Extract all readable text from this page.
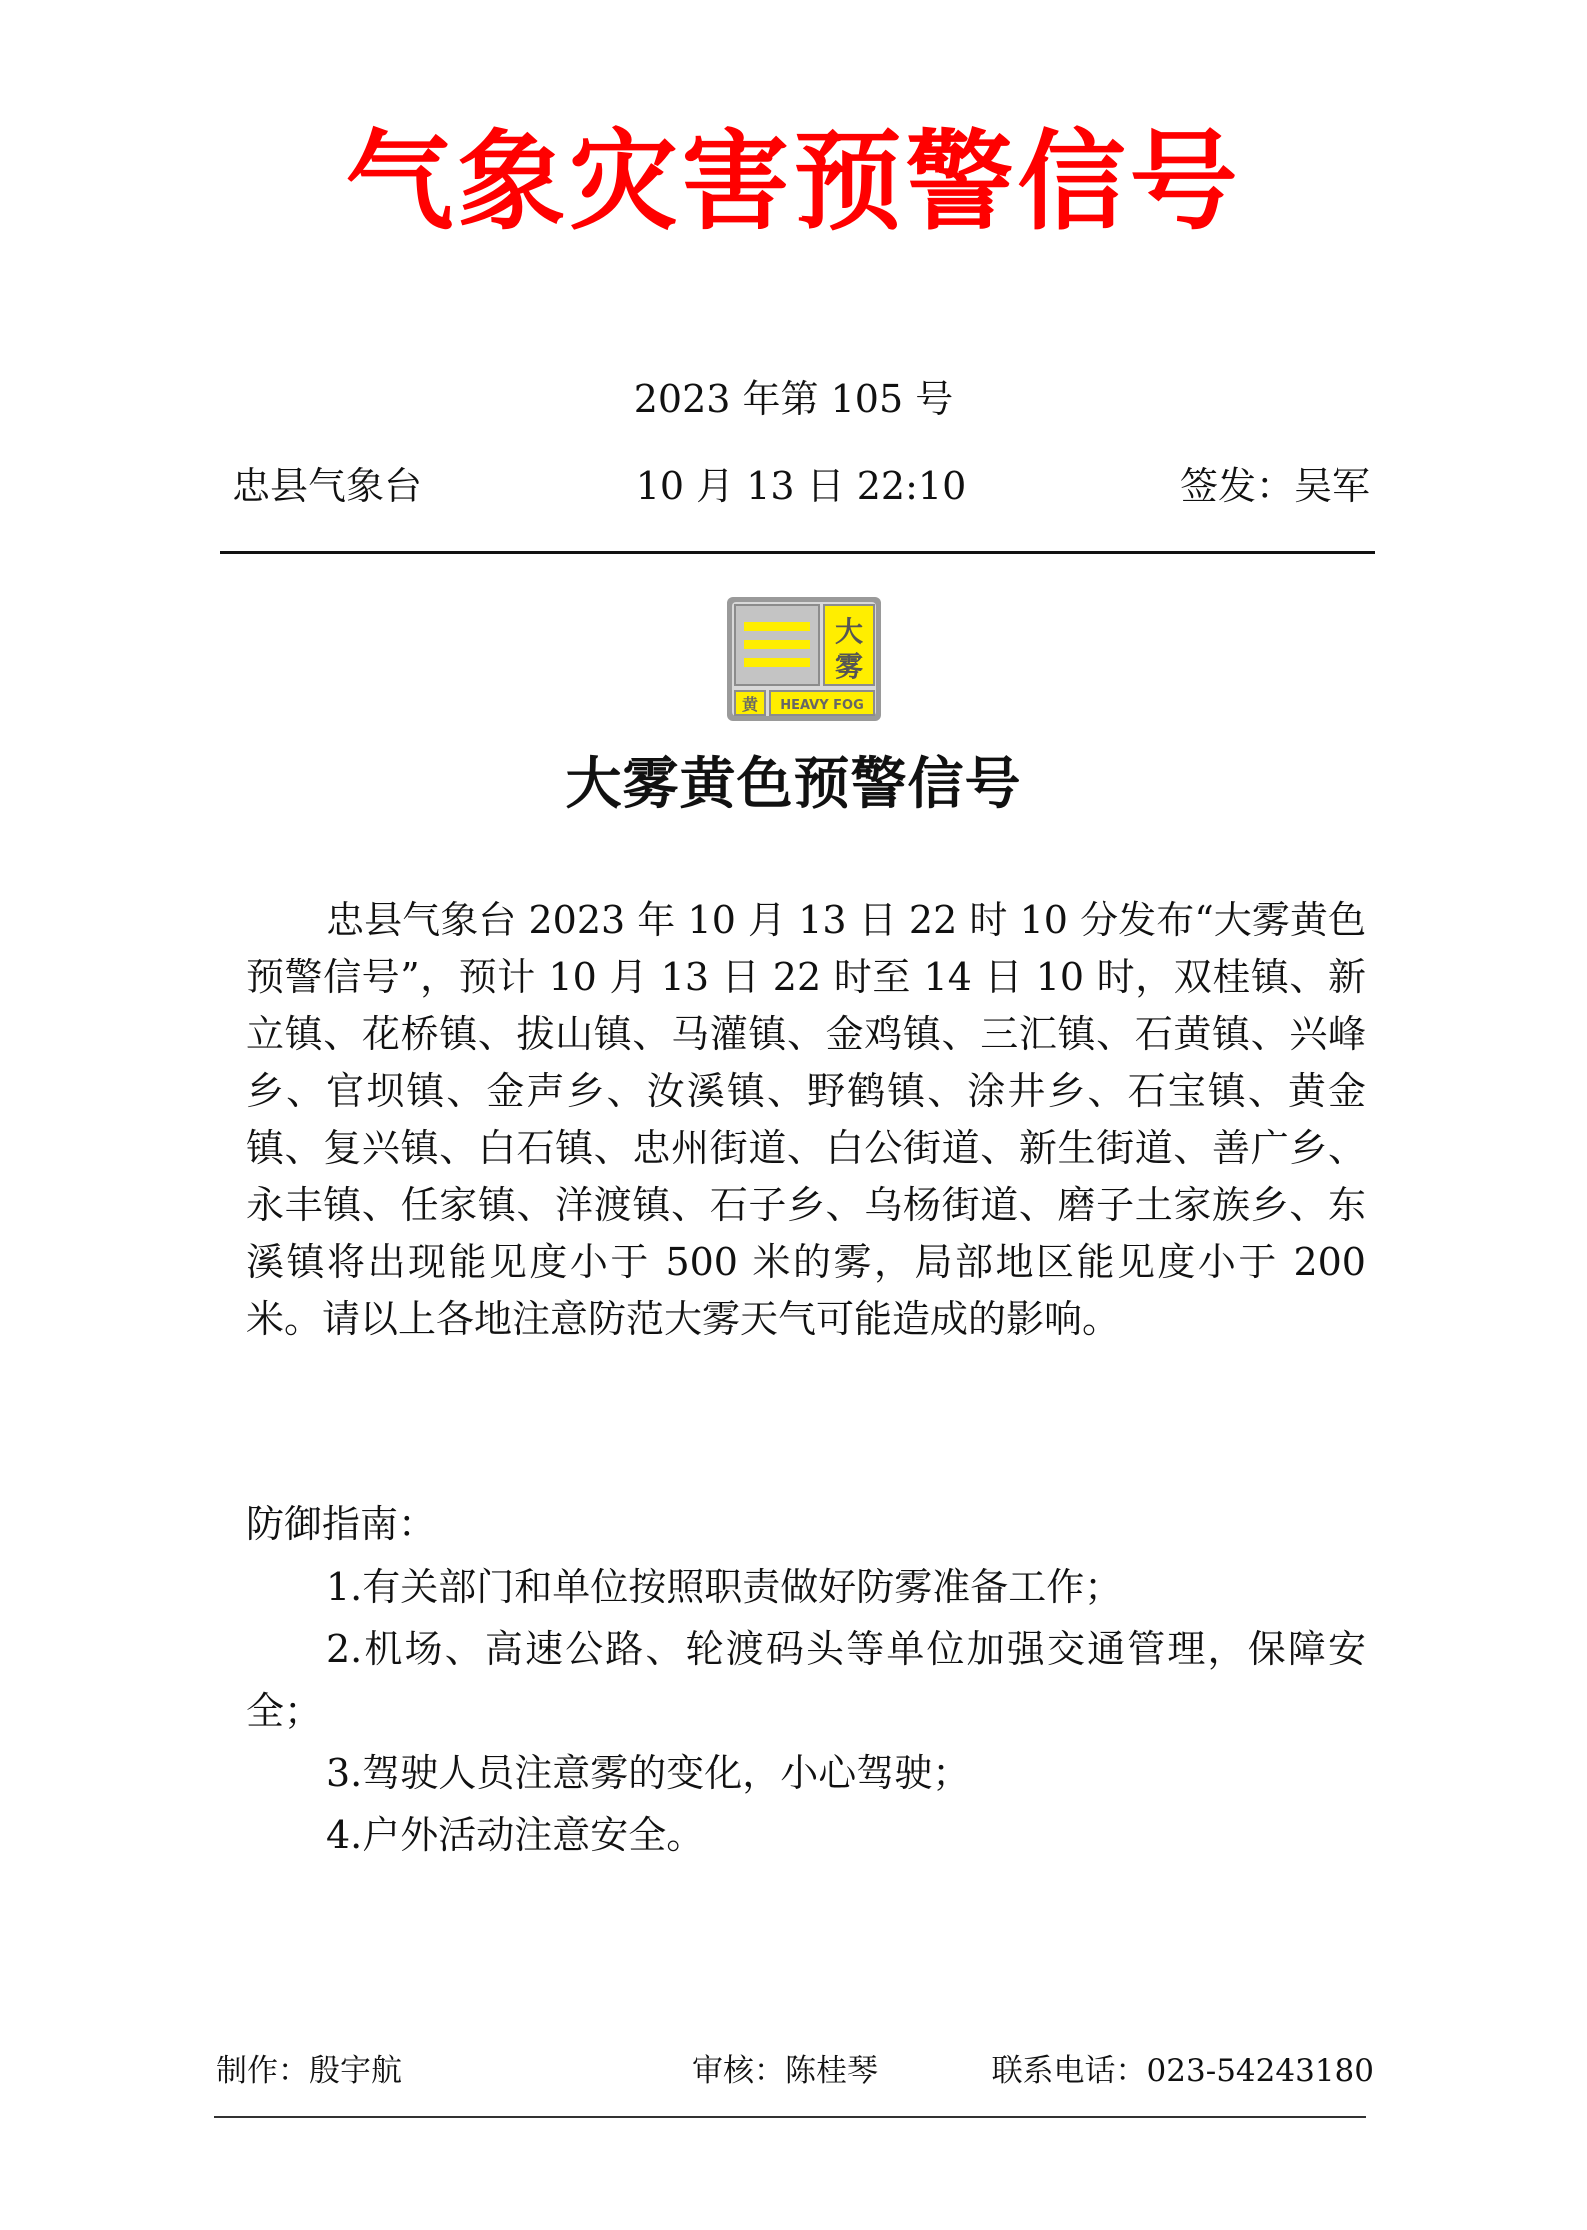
气象灾害预警信号
2023 年第 105 号
忠县气象台	10 月 13 日 22:10	签发：吴军
大
雾
黄 HEAVY FOG
大雾黄色预警信号

忠县气象台 2023 年 10 月 13 日 22 时 10 分发布“大雾黄色预警信号”，预计 10 月 13 日 22 时至 14 日 10 时，双桂镇、新立镇、花桥镇、拔山镇、马灌镇、金鸡镇、三汇镇、石黄镇、兴峰乡、官坝镇、金声乡、汝溪镇、野鹤镇、涂井乡、石宝镇、黄金镇、复兴镇、白石镇、忠州街道、白公街道、新生街道、善广乡、永丰镇、任家镇、洋渡镇、石子乡、乌杨街道、磨子土家族乡、东溪镇将出现能见度小于 500 米的雾，局部地区能见度小于 200 米。请以上各地注意防范大雾天气可能造成的影响。

防御指南：
1.有关部门和单位按照职责做好防雾准备工作；
2.机场、高速公路、轮渡码头等单位加强交通管理，保障安全；
3.驾驶人员注意雾的变化，小心驾驶；
4.户外活动注意安全。
制作：殷宇航	审核：陈桂琴	联系电话：023-54243180
